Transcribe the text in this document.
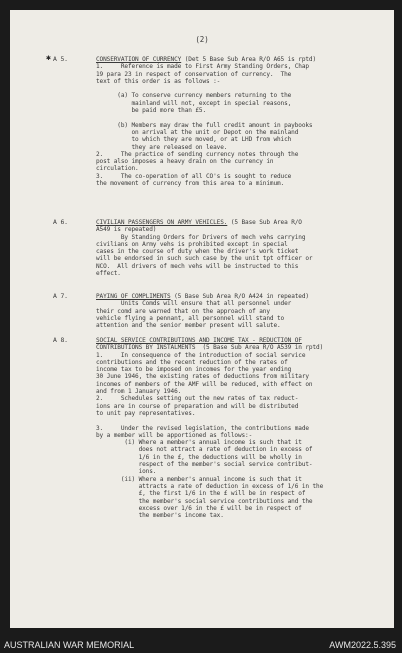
(2)
✱ A 5.	CONSERVATION OF CURRENCY (Det 5 Base Sub Area R/O A65 is rptd)
1.     Reference is made to First Army Standing Orders, Chap
19 para 23 in respect of conservation of currency.  The
text of this order is as follows :-

(a) To conserve currency members returning to the
mainland will not, except in special reasons,
be paid more than £5.

(b) Members may draw the full credit amount in paybooks
on arrival at the unit or Depot on the mainland
to which they are moved, or at LHD from which
they are released on leave.
2.     The practice of sending currency notes through the
post also imposes a heavy drain on the currency in
circulation.
3.     The co-operation of all CO's is sought to reduce
the movement of currency from this area to a minimum.
A 6.	CIVILIAN PASSENGERS ON ARMY VEHICLES. (5 Base Sub Area R/O
A549 is repeated)
By Standing Orders for Drivers of mech vehs carrying
civilians on Army vehs is prohibited except in special
cases in the course of duty when the driver's work ticket
will be endorsed in such such case by the unit tpt officer or
NCO.  All drivers of mech vehs will be instructed to this
effect.
A 7.	PAYING OF COMPLIMENTS (5 Base Sub Area R/O A424 in repeated)
Units Comds will ensure that all personnel under
their comd are warned that on the approach of any
vehicle flying a pennant, all personnel will stand to
attention and the senior member present will salute.
A 8.	SOCIAL SERVICE CONTRIBUTIONS AND INCOME TAX - REDUCTION OF
CONTRIBUTIONS BY INSTALMENTS  (5 Base Sub Area R/O A539 in rptd)
1.     In consequence of the introduction of social service
contributions and the recent reduction of the rates of
income tax to be imposed on incomes for the year ending
30 June 1946, the existing rates of deductions from military
incomes of members of the AMF will be reduced, with effect on
and from 1 January 1946.
2.     Schedules setting out the new rates of tax reduct-
ions are in course of preparation and will be distributed
to unit pay representatives.

3.     Under the revised legislation, the contributions made
by a member will be apportioned as follows:-
(i) Where a member's annual income is such that it
does not attract a rate of deduction in excess of
1/6 in the £, the deductions will be wholly in
respect of the member's social service contribut-
ions.
(ii) Where a member's annual income is such that it
attracts a rate of deduction in excess of 1/6 in the
£, the first 1/6 in the £ will be in respect of
the member's social service contributions and the
excess over 1/6 in the £ will be in respect of
the member's income tax.
AUSTRALIAN WAR MEMORIAL	AWM2022.5.395
